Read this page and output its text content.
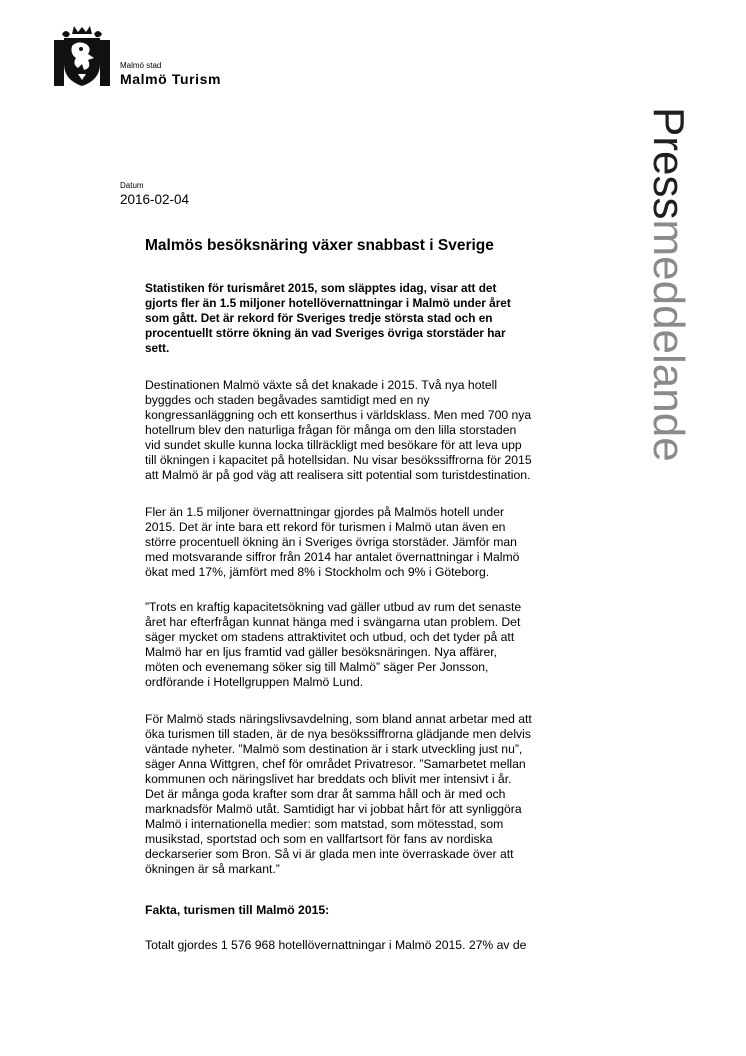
Malmö stad
Malmö Turism
Datum
2016-02-04	Pressmeddelande
Malmös besöksnäring växer snabbast i Sverige
Statistiken för turismåret 2015, som släpptes idag, visar att det
gjorts fler än 1.5 miljoner hotellövernattningar i Malmö under året
som gått. Det är rekord för Sveriges tredje största stad och en
procentuellt större ökning än vad Sveriges övriga storstäder har
sett.
Destinationen Malmö växte så det knakade i 2015. Två nya hotell
byggdes och staden begåvades samtidigt med en ny
kongressanläggning och ett konserthus i världsklass. Men med 700 nya
hotellrum blev den naturliga frågan för många om den lilla storstaden
vid sundet skulle kunna locka tillräckligt med besökare för att leva upp
till ökningen i kapacitet på hotellsidan. Nu visar besökssiffrorna för 2015
att Malmö är på god väg att realisera sitt potential som turistdestination.
Fler än 1.5 miljoner övernattningar gjordes på Malmös hotell under
2015. Det är inte bara ett rekord för turismen i Malmö utan även en
större procentuell ökning än i Sveriges övriga storstäder. Jämför man
med motsvarande siffror från 2014 har antalet övernattningar i Malmö
ökat med 17%, jämfört med 8% i Stockholm och 9% i Göteborg.
”Trots en kraftig kapacitetsökning vad gäller utbud av rum det senaste
året har efterfrågan kunnat hänga med i svängarna utan problem. Det
säger mycket om stadens attraktivitet och utbud, och det tyder på att
Malmö har en ljus framtid vad gäller besöksnäringen. Nya affärer,
möten och evenemang söker sig till Malmö” säger Per Jonsson,
ordförande i Hotellgruppen Malmö Lund.
För Malmö stads näringslivsavdelning, som bland annat arbetar med att
öka turismen till staden, är de nya besökssiffrorna glädjande men delvis
väntade nyheter. ”Malmö som destination är i stark utveckling just nu”,
säger Anna Wittgren, chef för området Privatresor. ”Samarbetet mellan
kommunen och näringslivet har breddats och blivit mer intensivt i år.
Det är många goda krafter som drar åt samma håll och är med och
marknadsför Malmö utåt. Samtidigt har vi jobbat hårt för att synliggöra
Malmö i internationella medier: som matstad, som mötesstad, som
musikstad, sportstad och som en vallfartsort för fans av nordiska
deckarserier som Bron. Så vi är glada men inte överraskade över att
ökningen är så markant.”
Fakta, turismen till Malmö 2015:
Totalt gjordes 1 576 968 hotellövernattningar i Malmö 2015. 27% av de
